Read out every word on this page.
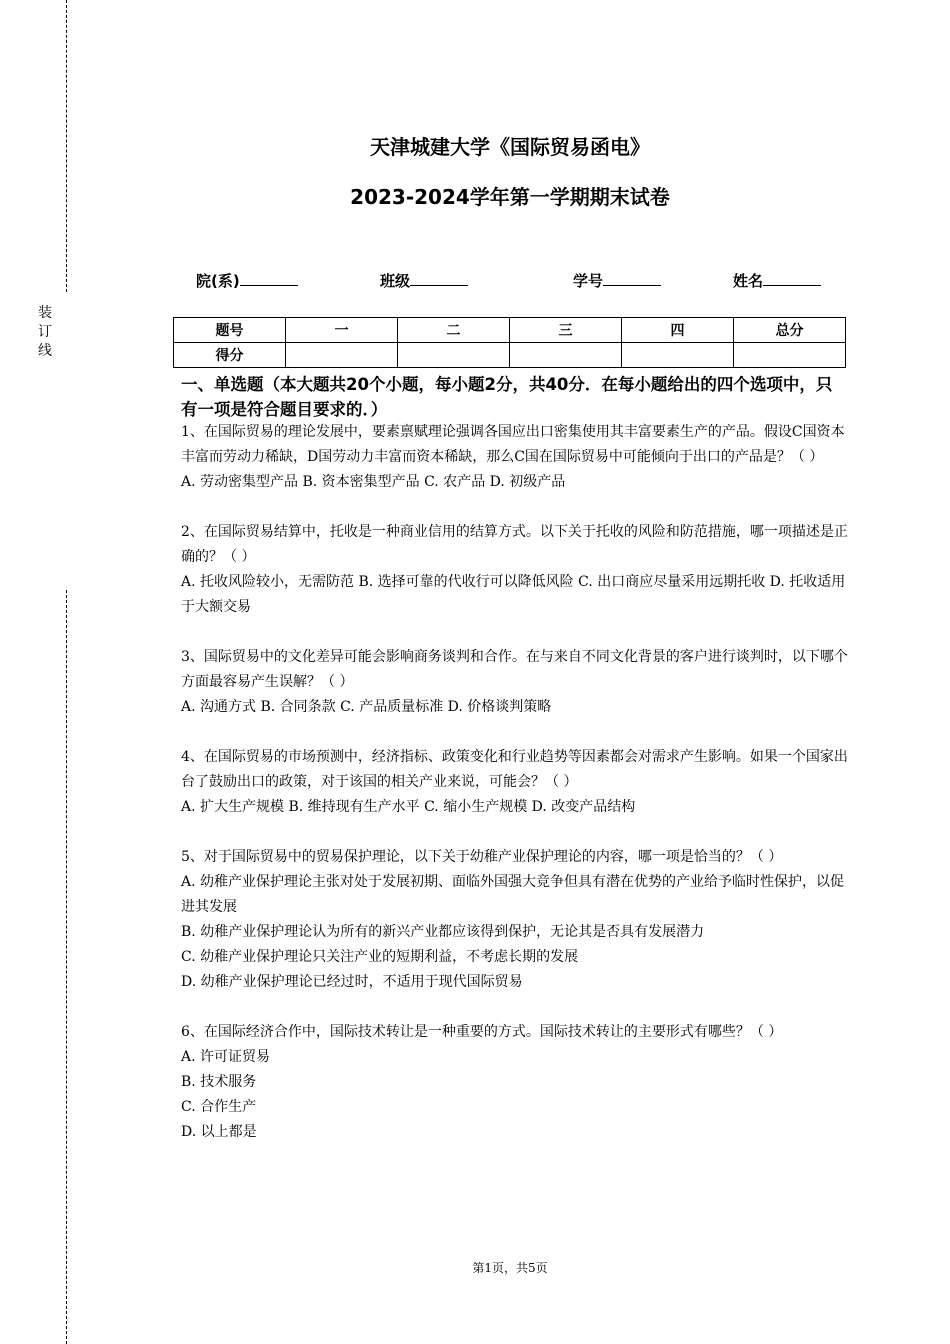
装订线
天津城建大学《国际贸易函电》
2023-2024学年第一学期期末试卷
院(系)	班级	学号	姓名
题号	一	二	三	四	总分
得分					
一、单选题（本大题共20个小题，每小题2分，共40分．在每小题给出的四个选项中，只有一项是符合题目要求的．）

1、在国际贸易的理论发展中，要素禀赋理论强调各国应出口密集使用其丰富要素生产的产品。假设C国资本丰富而劳动力稀缺，D国劳动力丰富而资本稀缺，那么C国在国际贸易中可能倾向于出口的产品是？（ ）

A. 劳动密集型产品 B. 资本密集型产品 C. 农产品 D. 初级产品

2、在国际贸易结算中，托收是一种商业信用的结算方式。以下关于托收的风险和防范措施，哪一项描述是正确的？（ ）

A. 托收风险较小，无需防范 B. 选择可靠的代收行可以降低风险 C. 出口商应尽量采用远期托收 D. 托收适用于大额交易

3、国际贸易中的文化差异可能会影响商务谈判和合作。在与来自不同文化背景的客户进行谈判时，以下哪个方面最容易产生误解？（ ）

A. 沟通方式 B. 合同条款 C. 产品质量标准 D. 价格谈判策略

4、在国际贸易的市场预测中，经济指标、政策变化和行业趋势等因素都会对需求产生影响。如果一个国家出台了鼓励出口的政策，对于该国的相关产业来说，可能会？（ ）

A. 扩大生产规模 B. 维持现有生产水平 C. 缩小生产规模 D. 改变产品结构

5、对于国际贸易中的贸易保护理论，以下关于幼稚产业保护理论的内容，哪一项是恰当的？（ ）

A. 幼稚产业保护理论主张对处于发展初期、面临外国强大竞争但具有潜在优势的产业给予临时性保护，以促进其发展

B. 幼稚产业保护理论认为所有的新兴产业都应该得到保护，无论其是否具有发展潜力

C. 幼稚产业保护理论只关注产业的短期利益，不考虑长期的发展

D. 幼稚产业保护理论已经过时，不适用于现代国际贸易

6、在国际经济合作中，国际技术转让是一种重要的方式。国际技术转让的主要形式有哪些？（ ）

A. 许可证贸易

B. 技术服务

C. 合作生产

D. 以上都是

第1页，共5页
